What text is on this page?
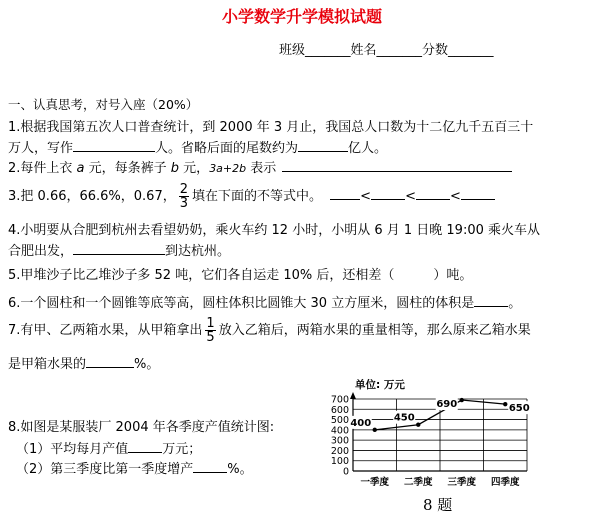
小学数学升学模拟试题
班级_______姓名_______分数_______
一、认真思考，对号入座（20%）
1.根据我国第五次人口普查统计，到 2000 年 3 月止，我国总人口数为十二亿九千五百三十
万人，写作	人。省略后面的尾数约为	亿人。
2.每件上衣 a 元，每条裤子 b 元，3a+2b 表示
3.把 0.66，66.6%，0.67， $\frac{2}{3}$ 填在下面的不等式中。	<	<	<
4.小明要从合肥到杭州去看望奶奶，乘火车约 12 小时，小明从 6 月 1 日晚 19:00 乘火车从
合肥出发，	到达杭州。
5.甲堆沙子比乙堆沙子多 52 吨，它们各自运走 10% 后，还相差（　　　）吨。
6.一个圆柱和一个圆锥等底等高，圆柱体积比圆锥大 30 立方厘米，圆柱的体积是	。
7.有甲、乙两箱水果，从甲箱拿出 $\frac{1}{5}$ 放入乙箱后，两箱水果的重量相等，那么原来乙箱水果
是甲箱水果的	%。
8.如图是某服装厂 2004 年各季度产值统计图:
（1）平均每月产值	万元；
（2）第三季度比第一季度增产	%。
单位: 万元
0
100
200
300
400
500
600
700
一季度 二季度 三季度 四季度
400 450
690	650
8 题
